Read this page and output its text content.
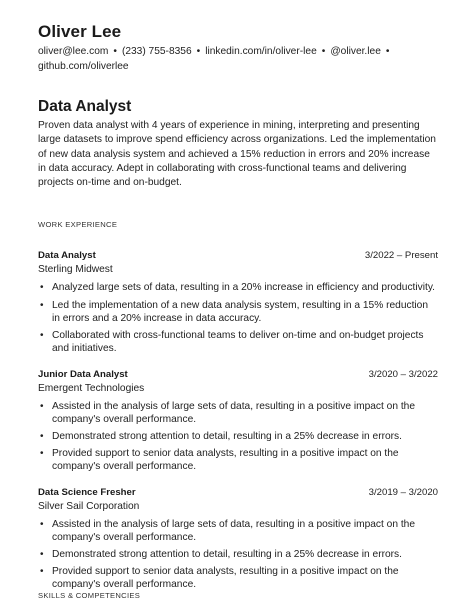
Oliver Lee
oliver@lee.com • (233) 755-8356 • linkedin.com/in/oliver-lee • @oliver.lee •
github.com/oliverlee
Data Analyst
Proven data analyst with 4 years of experience in mining, interpreting and presenting large datasets to improve spend efficiency across organizations. Led the implementation of new data analysis system and achieved a 15% reduction in errors and 20% increase in data accuracy. Adept in collaborating with cross-functional teams and delivering projects on-time and on-budget.
WORK EXPERIENCE
Data Analyst	3/2022 – Present
Sterling Midwest
• Analyzed large sets of data, resulting in a 20% increase in efficiency and productivity.
• Led the implementation of a new data analysis system, resulting in a 15% reduction in errors and a 20% increase in data accuracy.
• Collaborated with cross-functional teams to deliver on-time and on-budget projects and initiatives.
Junior Data Analyst	3/2020 – 3/2022
Emergent Technologies
• Assisted in the analysis of large sets of data, resulting in a positive impact on the company's overall performance.
• Demonstrated strong attention to detail, resulting in a 25% decrease in errors.
• Provided support to senior data analysts, resulting in a positive impact on the company's overall performance.
Data Science Fresher	3/2019 – 3/2020
Silver Sail Corporation
• Assisted in the analysis of large sets of data, resulting in a positive impact on the company's overall performance.
• Demonstrated strong attention to detail, resulting in a 25% decrease in errors.
• Provided support to senior data analysts, resulting in a positive impact on the company's overall performance.
SKILLS & COMPETENCIES
